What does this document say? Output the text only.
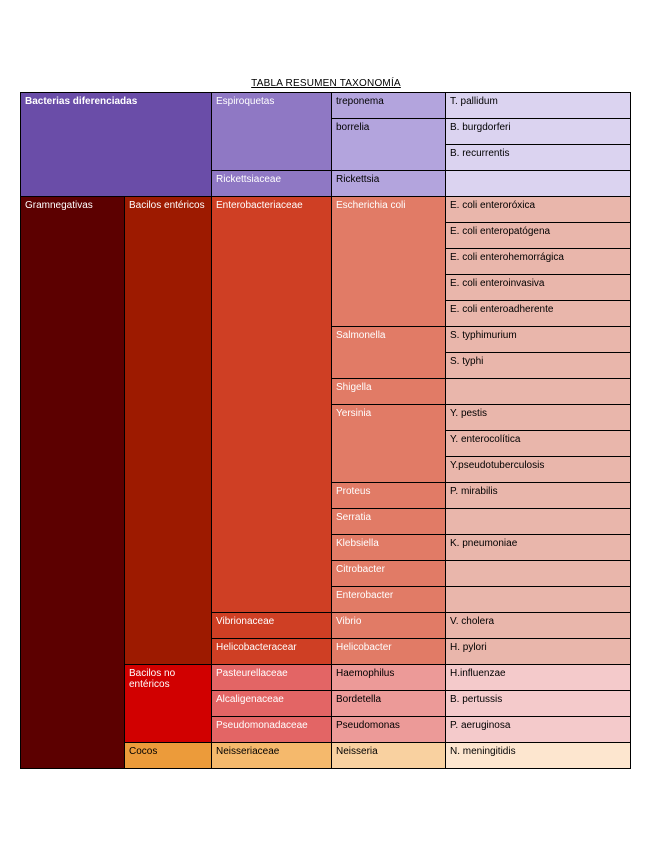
TABLA RESUMEN TAXONOMÍA
Bacterias diferenciadas		Espiroquetas	treponema	T. pallidum
			borrelia	B. burgdorferi
				B. recurrentis
		Rickettsiaceae	Rickettsia	
Gramnegativas	Bacilos entéricos	Enterobacteriaceae	Escherichia coli	E. coli enteroróxica
				E. coli enteropatógena
				E. coli enterohemorrágica
				E. coli enteroinvasiva
				E. coli enteroadherente
			Salmonella	S. typhimurium
				S. typhi
			Shigella	
			Yersinia	Y. pestis
				Y. enterocolítica
				Y.pseudotuberculosis
			Proteus	P. mirabilis
			Serratia	
			Klebsiella	K. pneumoniae
			Citrobacter	
			Enterobacter	
		Vibrionaceae	Vibrio	V. cholera
		Helicobacteracear	Helicobacter	H. pylori
	Bacilos no entéricos	Pasteurellaceae	Haemophilus	H.influenzae
		Alcaligenaceae	Bordetella	B. pertussis
		Pseudomonadaceae	Pseudomonas	P. aeruginosa
	Cocos	Neisseriaceae	Neisseria	N. meningitidis
